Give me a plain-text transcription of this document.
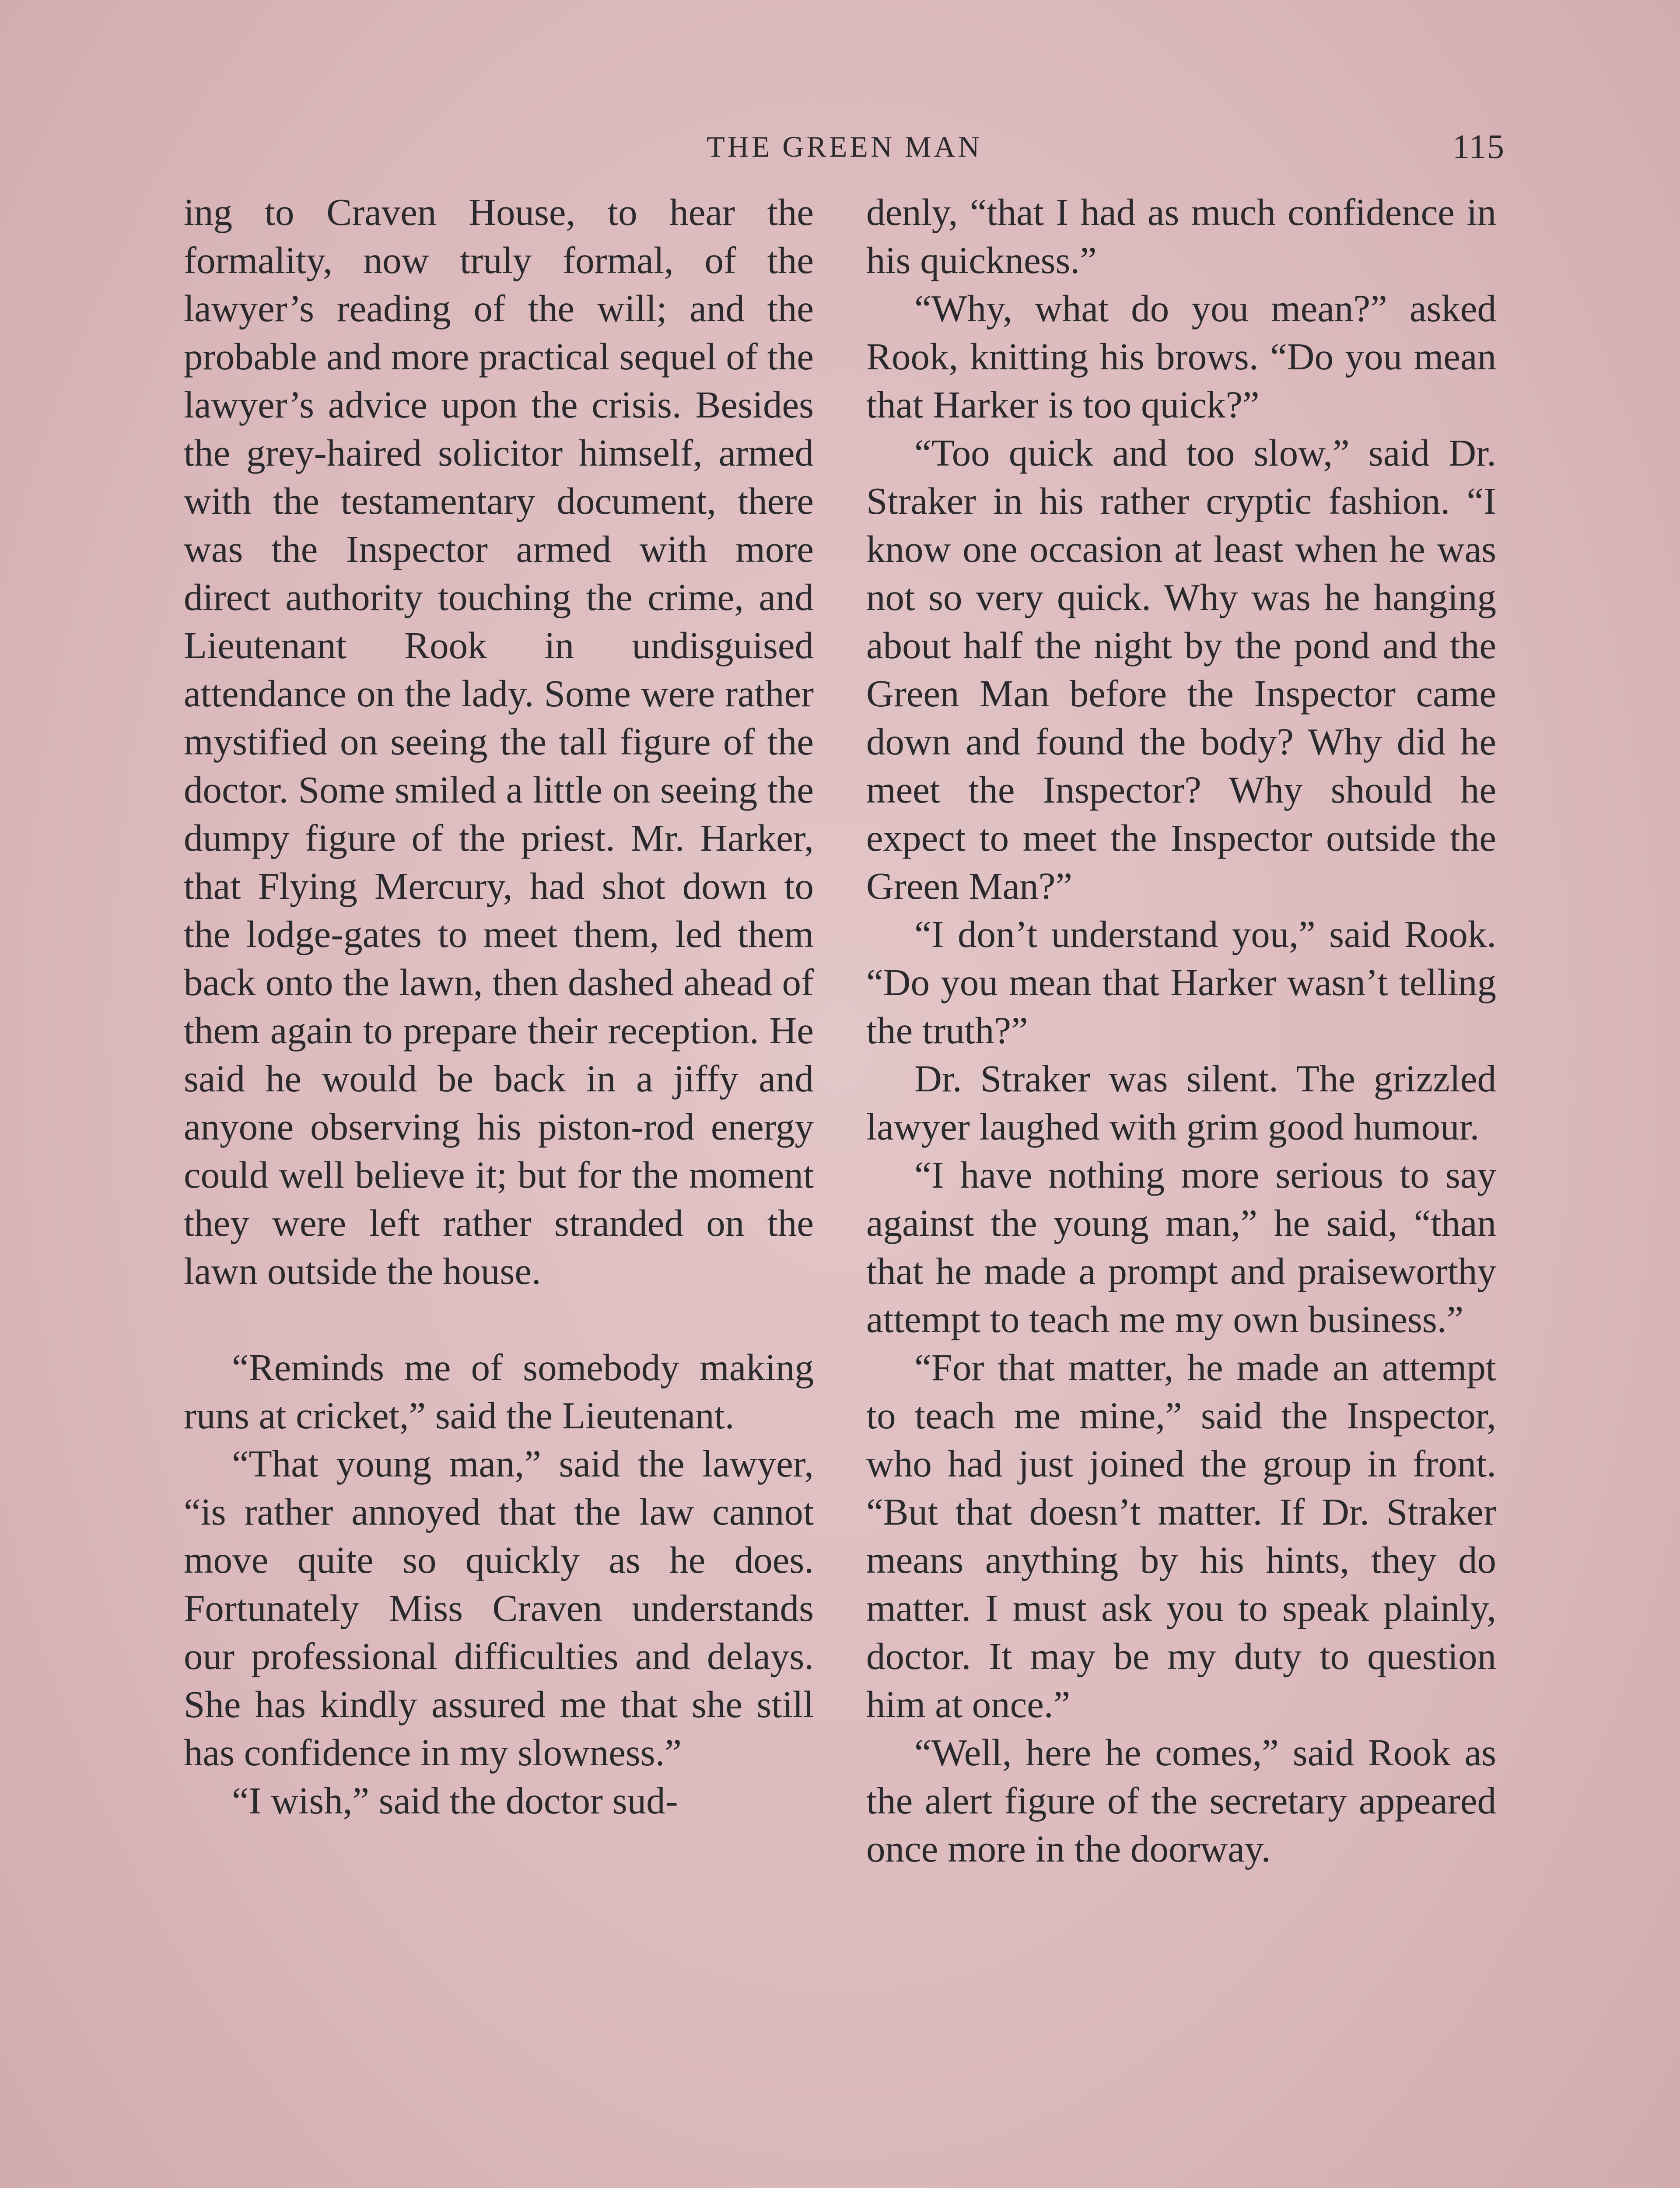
THE GREEN MAN	115

ing to Craven House, to hear the formality, now truly formal, of the lawyer’s reading of the will; and the probable and more practical sequel of the lawyer’s advice upon the crisis. Besides the grey-haired solicitor himself, armed with the testamentary document, there was the Inspector armed with more direct authority touching the crime, and Lieutenant Rook in undisguised attendance on the lady. Some were rather mystified on seeing the tall figure of the doctor. Some smiled a little on seeing the dumpy figure of the priest. Mr. Harker, that Flying Mercury, had shot down to the lodge-gates to meet them, led them back onto the lawn, then dashed ahead of them again to prepare their reception. He said he would be back in a jiffy and anyone observing his piston-rod energy could well believe it; but for the moment they were left rather stranded on the lawn outside the house.

“Reminds me of somebody making runs at cricket,” said the Lieutenant.

“That young man,” said the lawyer, “is rather annoyed that the law cannot move quite so quickly as he does. Fortunately Miss Craven understands our professional difficulties and delays. She has kindly assured me that she still has confidence in my slowness.”

“I wish,” said the doctor sud-

denly, “that I had as much confidence in his quickness.”

“Why, what do you mean?” asked Rook, knitting his brows. “Do you mean that Harker is too quick?”

“Too quick and too slow,” said Dr. Straker in his rather cryptic fashion. “I know one occasion at least when he was not so very quick. Why was he hanging about half the night by the pond and the Green Man before the Inspector came down and found the body? Why did he meet the Inspector? Why should he expect to meet the Inspector outside the Green Man?”

“I don’t understand you,” said Rook. “Do you mean that Harker wasn’t telling the truth?”

Dr. Straker was silent. The grizzled lawyer laughed with grim good humour.

“I have nothing more serious to say against the young man,” he said, “than that he made a prompt and praiseworthy attempt to teach me my own business.”

“For that matter, he made an attempt to teach me mine,” said the Inspector, who had just joined the group in front. “But that doesn’t matter. If Dr. Straker means anything by his hints, they do matter. I must ask you to speak plainly, doctor. It may be my duty to question him at once.”

“Well, here he comes,” said Rook as the alert figure of the secretary appeared once more in the doorway.
